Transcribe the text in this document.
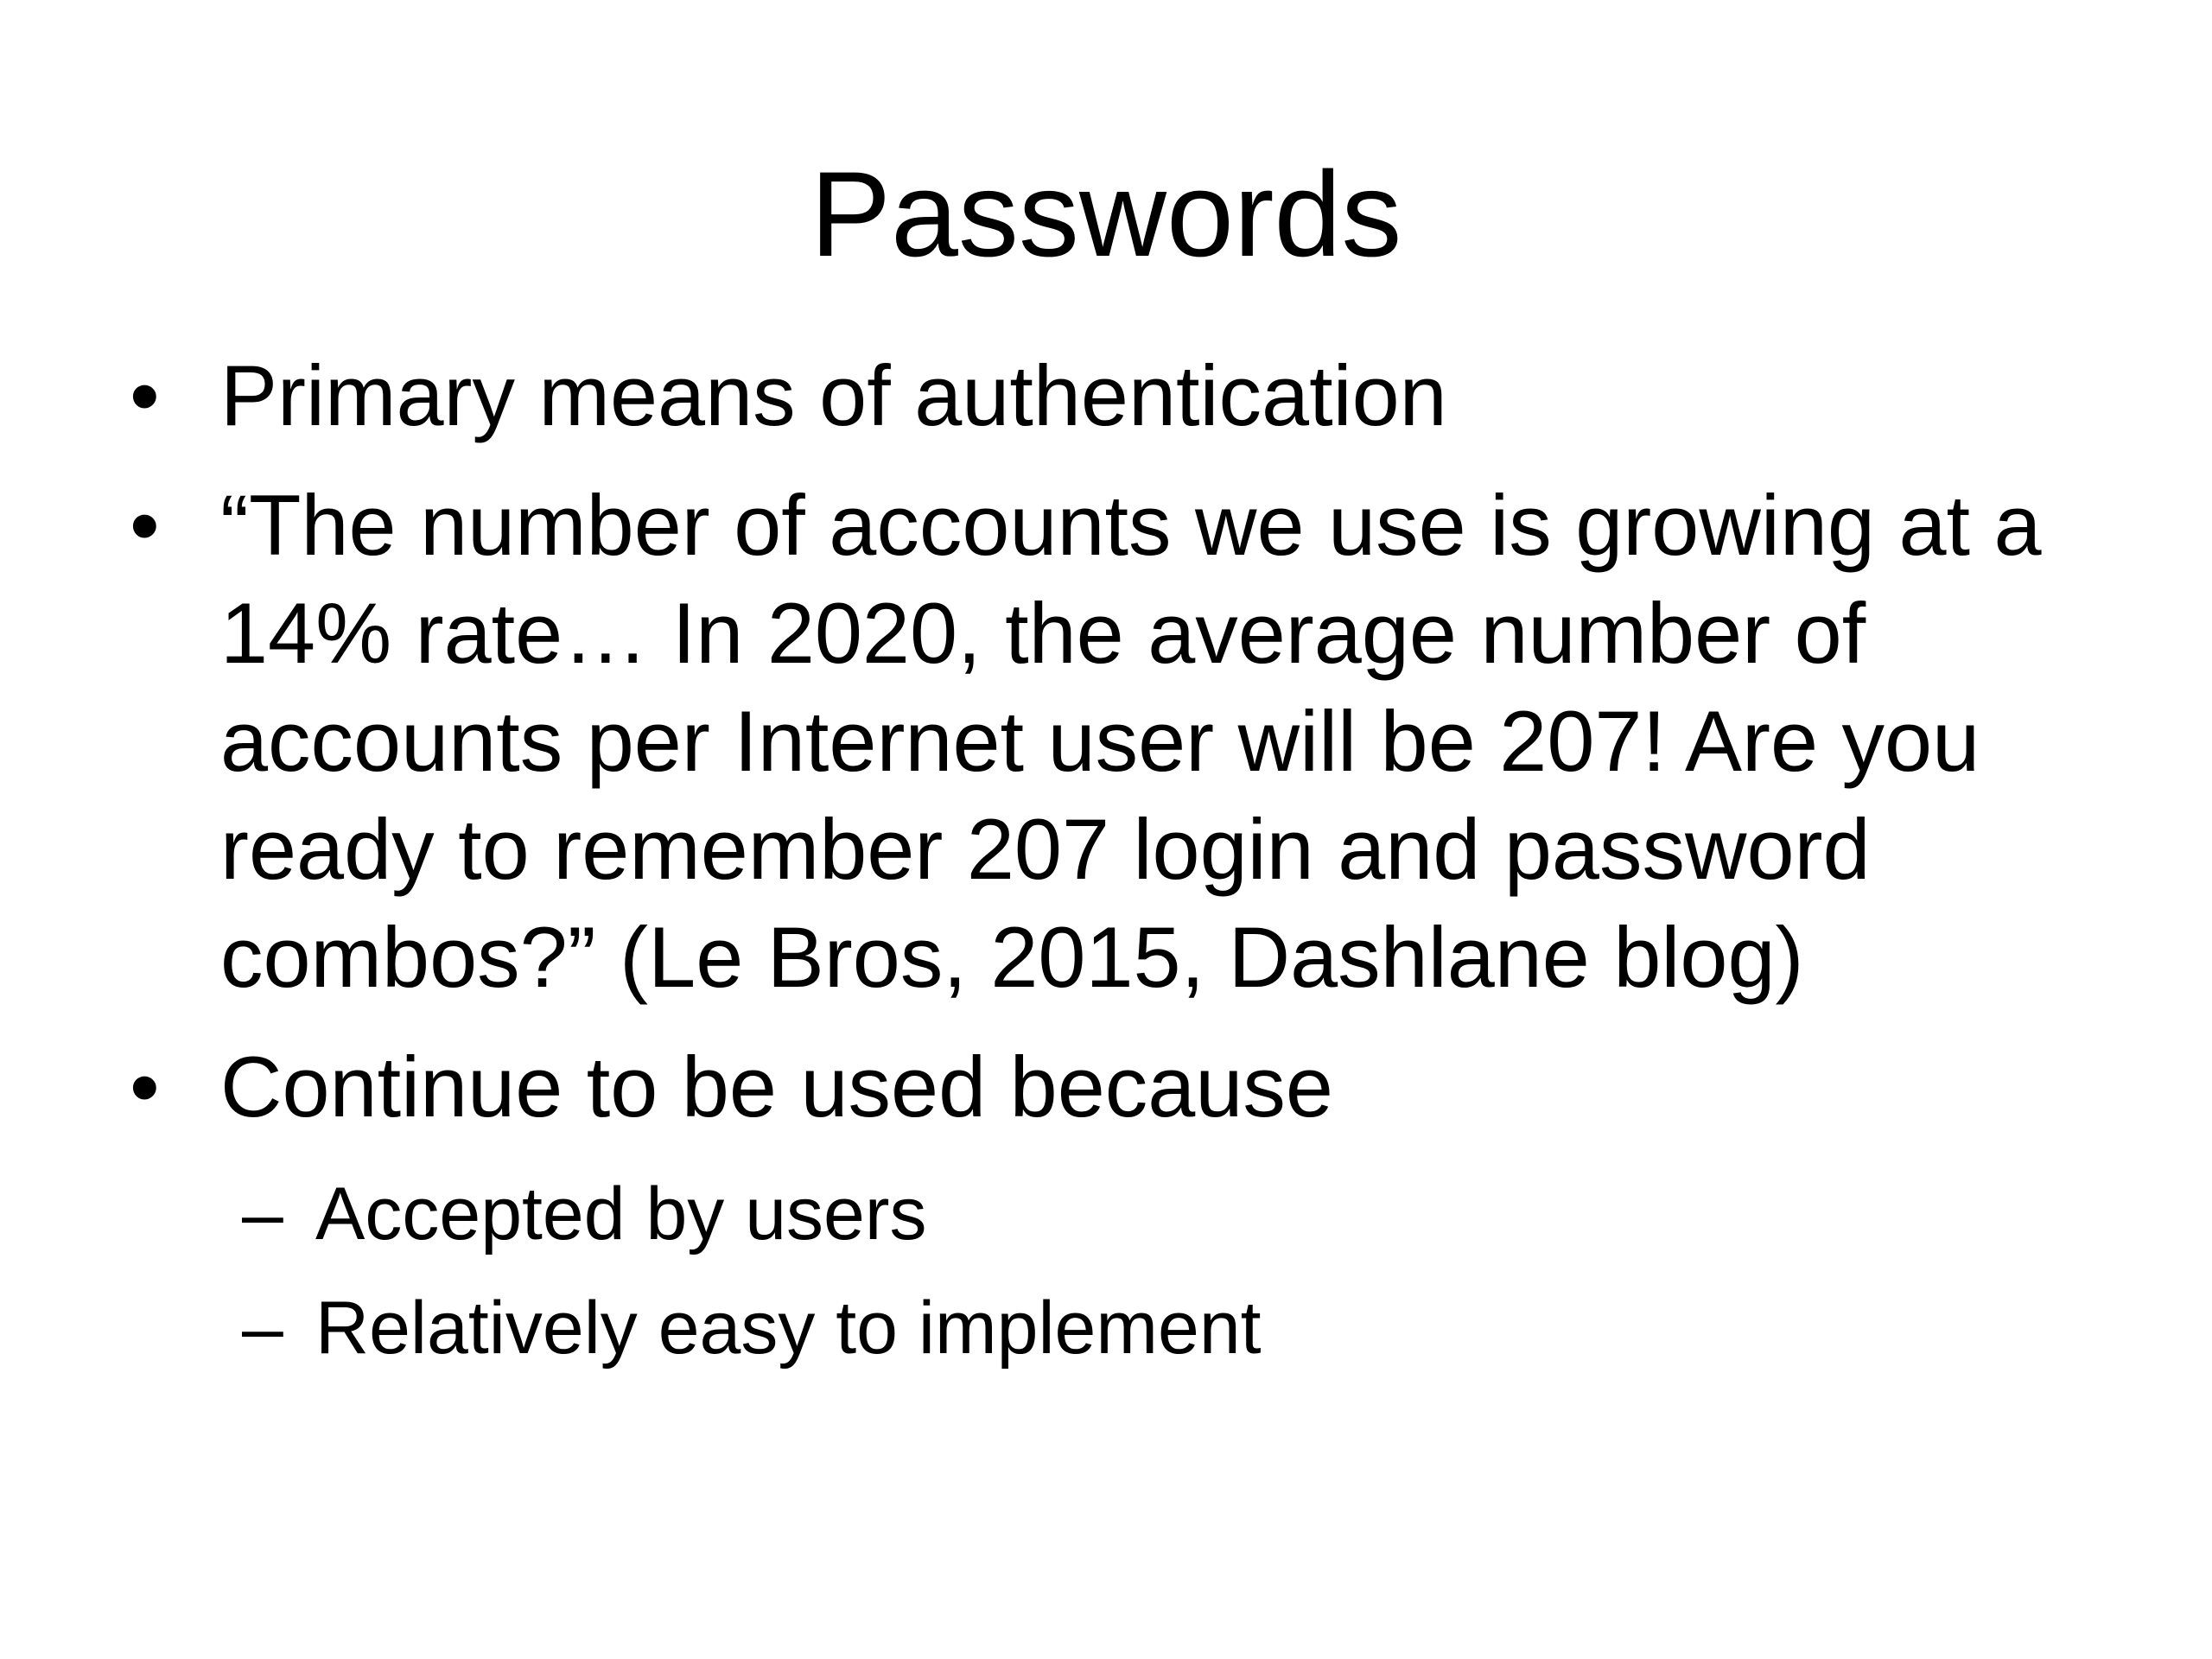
Passwords
• Primary means of authentication
• “The number of accounts we use is growing at a 14% rate… In 2020, the average number of accounts per Internet user will be 207! Are you ready to remember 207 login and password combos?” (Le Bros, 2015, Dashlane blog)
• Continue to be used because
– Accepted by users
– Relatively easy to implement
